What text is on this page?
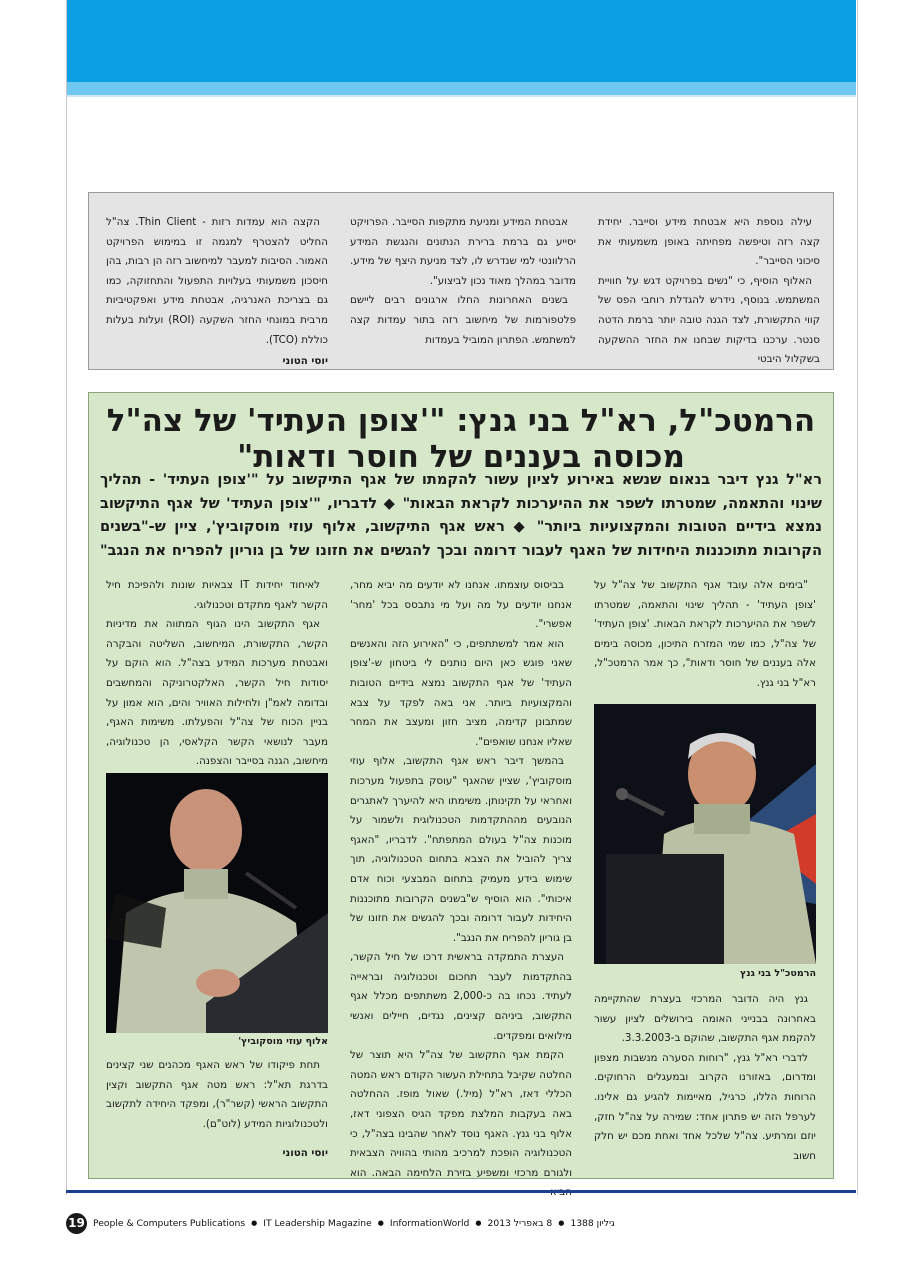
עילה נוספת היא אבטחת מידע וסייבר. יחידת קצה רזה וטיפשה מפחיתה באופן משמעותי את סיכוני הסייבר".

האלוף הוסיף, כי "נשים בפרויקט דגש על חוויית המשתמש. בנוסף, נידרש להגדלת רוחבי הפס של קווי התקשורת, לצד הגנה טובה יותר ברמת הדטה סנטר. ערכנו בדיקות שבחנו את החזר ההשקעה בשקלול היבטי

אבטחת המידע ומניעת מתקפות הסייבר. הפרויקט יסייע גם ברמת ברירת הנתונים והנגשת המידע הרלוונטי למי שנדרש לו, לצד מניעת היצף של מידע. מדובר במהלך מאוד נכון לביצוע".

בשנים האחרונות החלו ארגונים רבים ליישם פלטפורמות של מיחשוב רזה בתור עמדות קצה למשתמש. הפתרון המוביל בעמדות

הקצה הוא עמדות רזות - Thin Client. צה"ל החליט להצטרף למגמה זו במימוש הפרויקט האמור. הסיבות למעבר למיחשוב רזה הן רבות, בהן חיסכון משמעותי בעלויות התפעול והתחזוקה, כמו גם בצריכת האנרגיה, אבטחת מידע ואפקטיביות מרבית במונחי החזר השקעה (ROI) ועלות בעלות כוללת (TCO).

יוסי הטוני
הרמטכ"ל, רא"ל בני גנץ: "'צופן העתיד' של צה"ל מכוסה בעננים של חוסר ודאות"
רא"ל גנץ דיבר בנאום שנשא באירוע לציון עשור להקמתו של אגף התיקשוב על "'צופן העתיד' - תהליך
שינוי והתאמה, שמטרתו לשפר את ההיערכות לקראת הבאות" ◆ לדבריו, "'צופן העתיד' של אגף התיקשוב
נמצא בידיים הטובות והמקצועיות ביותר" ◆ ראש אגף התיקשוב, אלוף עוזי מוסקוביץ', ציין ש-"בשנים
הקרובות מתוכננות היחידות של האגף לעבור דרומה ובכך להגשים את חזונו של בן גוריון להפריח את הנגב"

"בימים אלה עובד אגף התקשוב של צה"ל על 'צופן העתיד' - תהליך שינוי והתאמה, שמטרתו לשפר את ההיערכות לקראת הבאות. 'צופן העתיד' של צה"ל, כמו שמי המזרח התיכון, מכוסה בימים אלה בעננים של חוסר ודאות", כך אמר הרמטכ"ל, רא"ל בני גנץ.

הרמטכ"ל בני גנץ

גנץ היה הדובר המרכזי בעצרת שהתקיימה באחרונה בבנייני האומה בירושלים לציון עשור להקמת אגף התקשוב, שהוקם ב-3.3.2003.

לדברי רא"ל גנץ, "רוחות הסערה מנשבות מצפון ומדרום, באזורנו הקרוב ובמעגלים הרחוקים. הרוחות הללו, כרגיל, מאיימות להגיע גם אלינו. לערפל הזה יש פתרון אחד: שמירה על צה"ל חזק, יוזם ומרתיע. צה"ל שלכל אחד ואחת מכם יש חלק חשוב

בביסוס עוצמתו. אנחנו לא יודעים מה יביא מחר, אנחנו יודעים על מה ועל מי נתבסס בכל 'מחר' אפשרי".

הוא אמר למשתתפים, כי "האירוע הזה והאנשים שאני פוגש כאן היום נותנים לי ביטחון ש-'צופן העתיד' של אגף התקשוב נמצא בידיים הטובות והמקצועיות ביותר. אני באה לפקד על צבא שמתבונן קדימה, מציב חזון ומעצב את המחר שאליו אנחנו שואפים".

בהמשך דיבר ראש אגף התקשוב, אלוף עוזי מוסקוביץ', שציין שהאגף "עוסק בתפעול מערכות ואחראי על תקינותן. משימתו היא להיערך לאתגרים הנובעים מההתקדמות הטכנולוגית ולשמור על מוכנות צה"ל בעולם המתפתח". לדבריו, "האגף צריך להוביל את הצבא בתחום הטכנולוגיה, תוך שימוש בידע מעמיק בתחום המבצעי וכוח אדם איכותי". הוא הוסיף ש"בשנים הקרובות מתוכננות היחידות לעבור דרומה ובכך להגשים את חזונו של בן גוריון להפריח את הנגב".

העצרת התמקדה בראשית דרכו של חיל הקשר, בהתקדמות לעבר תחכום וטכנולוגיה ובראייה לעתיד. נכחו בה כ-2,000 משתתפים מכלל אגף התקשוב, ביניהם קצינים, נגדים, חיילים ואנשי מילואים ומפקדים.

הקמת אגף התקשוב של צה"ל היא תוצר של החלטה שקיבל בתחילת העשור הקודם ראש המטה הכללי דאז, רא"ל (מיל.) שאול מופז. ההחלטה באה בעקבות המלצת מפקד הגיס הצפוני דאז, אלוף בני גנץ. האגף נוסד לאחר שהבינו בצה"ל, כי הטכנולוגיה הופכת למרכיב מהותי בהוויה הצבאית ולגורם מרכזי ומשפיע בזירת הלחימה הבאה. הוא

לאיחוד יחידות IT צבאיות שונות ולהפיכת חיל הקשר לאגף מתקדם וטכנולוגי.

אגף התקשוב הינו הגוף המתווה את מדיניות הקשר, התקשורת, המיחשוב, השליטה והבקרה ואבטחת מערכות המידע בצה"ל. הוא הוקם על יסודות חיל הקשר, האלקטרוניקה והמחשבים ובדומה לאמ"ן ולחילות האוויר והים, הוא אמון על בניין הכוח של צה"ל והפעלתו. משימות האגף, מעבר לנושאי הקשר הקלאסי, הן טכנולוגיה, מיחשוב, הגנה בסייבר והצפנה.

אלוף עוזי מוסקוביץ'

תחת פיקודו של ראש האגף מכהנים שני קצינים בדרגת תא"ל: ראש מטה אגף התקשוב וקצין התקשוב הראשי (קשר"ר), ומפקד היחידה לתקשוב ולטכנולוגיות המידע (לוט"ם).

יוסי הטוני
19 People & Computers Publications ● IT Leadership Magazine ● InformationWorld ● 8 באפריל 2013 ● גיליון 1388
